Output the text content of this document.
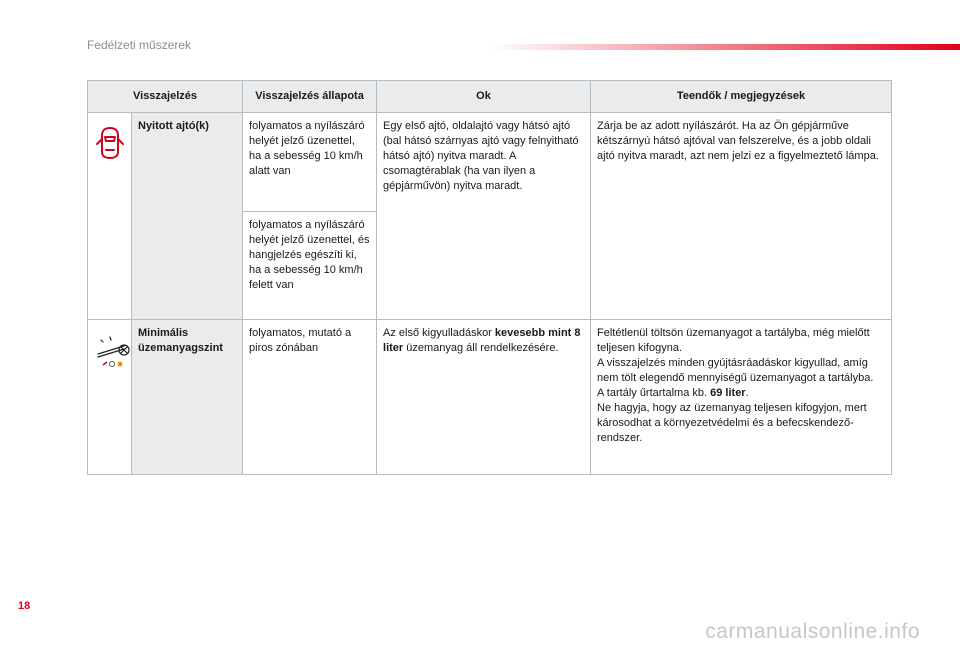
Fedélzeti műszerek
Visszajelzés		Visszajelzés állapota	Ok	Teendők / megjegyzések

	Nyitott ajtó(k)	folyamatos a nyílászáró helyét jelző üzenettel, ha a sebesség 10 km/h alatt van	Egy első ajtó, oldalajtó vagy hátsó ajtó (bal hátsó szárnyas ajtó vagy felnyitható hátsó ajtó) nyitva maradt. A csomagtérablak (ha van ilyen a gépjárművön) nyitva maradt.	Zárja be az adott nyílászárót. Ha az Ön gépjárműve kétszárnyú hátsó ajtóval van felszerelve, és a jobb oldali ajtó nyitva maradt, azt nem jelzi ez a figyelmeztető lámpa.
		folyamatos a nyílászáró helyét jelző üzenettel, és hangjelzés egészíti ki, ha a sebesség 10 km/h felett van		

	Minimális üzemanyagszint	folyamatos, mutató a piros zónában	Az első kigyulladáskor kevesebb mint 8 liter üzemanyag áll rendelkezésére.	Feltétlenül töltsön üzemanyagot a tartályba, még mielőtt teljesen kifogyna.
A visszajelzés minden gyújtásráadáskor kigyullad, amíg nem tölt elegendő mennyiségű üzemanyagot a tartályba.
A tartály űrtartalma kb. 69 liter.
Ne hagyja, hogy az üzemanyag teljesen kifogyjon, mert károsodhat a környezetvédelmi és a befecskendező-rendszer.
18
carmanualsonline.info
